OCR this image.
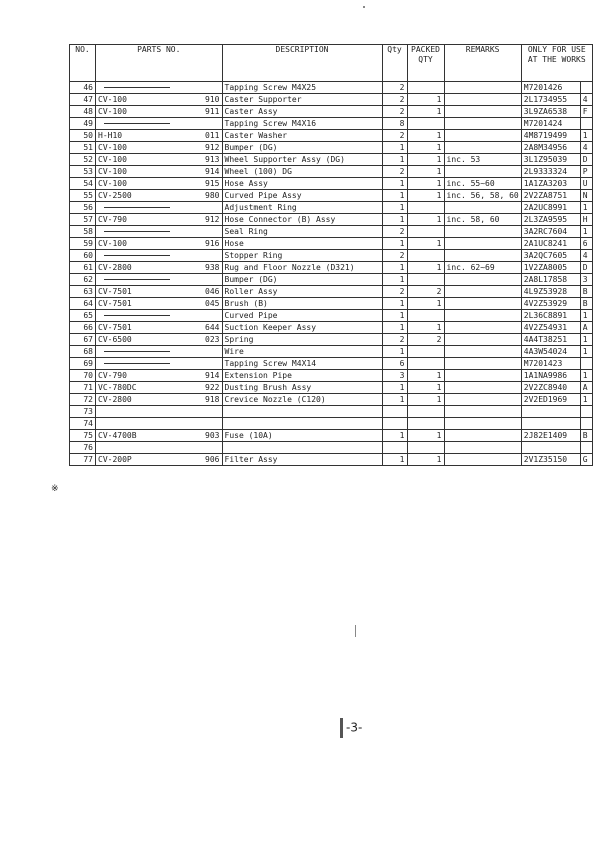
NO.	PARTS NO.		DESCRIPTION	Qty	PACKED QTY	REMARKS	ONLY FOR USE AT THE WORKS	
46			Tapping Screw M4X25	2			M7201426	
47	CV-100	910	Caster Supporter	2	1		2L1734955	4
48	CV-100	911	Caster Assy	2	1		3L9ZA6538	F
49			Tapping Screw M4X16	8			M7201424	
50	H-H10	011	Caster Washer	2	1		4M8719499	1
51	CV-100	912	Bumper (DG)	1	1		2A8M34956	4
52	CV-100	913	Wheel Supporter Assy (DG)	1	1	inc. 53	3L1Z95039	D
53	CV-100	914	Wheel (100) DG	2	1		2L9333324	P
54	CV-100	915	Hose Assy	1	1	inc. 55~60	1A1ZA3203	U
55	CV-2500	980	Curved Pipe Assy	1	1	inc. 56, 58, 60	2V2ZA8751	N
56			Adjustment Ring	1			2A2UC8991	1
57	CV-790	912	Hose Connector (B) Assy	1	1	inc. 58, 60	2L3ZA9595	H
58			Seal Ring	2			3A2RC7604	1
59	CV-100	916	Hose	1	1		2A1UC8241	6
60			Stopper Ring	2			3A2QC7605	4
61	CV-2800	938	Rug and Floor Nozzle (D321)	1	1	inc. 62~69	1V2ZA8005	D
62			Bumper (DG)	1			2A8L17858	3
63	CV-7501	046	Roller Assy	2	2		4L9Z53928	B
64	CV-7501	045	Brush (B)	1	1		4V2Z53929	B
65			Curved Pipe	1			2L36C8891	1
66	CV-7501	644	Suction Keeper Assy	1	1		4V2Z54931	A
67	CV-6500	023	Spring	2	2		4A4T38251	1
68			Wire	1			4A3W54024	1
69			Tapping Screw M4X14	6			M7201423	
70	CV-790	914	Extension Pipe	3	1		1A1NA9986	1
71	VC-780DC	922	Dusting Brush Assy	1	1		2V2ZC8940	A
72	CV-2800	918	Crevice Nozzle (C120)	1	1		2V2ED1969	1
73								
74								
75	CV-4700B	903	Fuse (10A)	1	1		2J82E1409	B
76								
77	CV-200P	906	Filter Assy	1	1		2V1Z35150	G
※
-3-
